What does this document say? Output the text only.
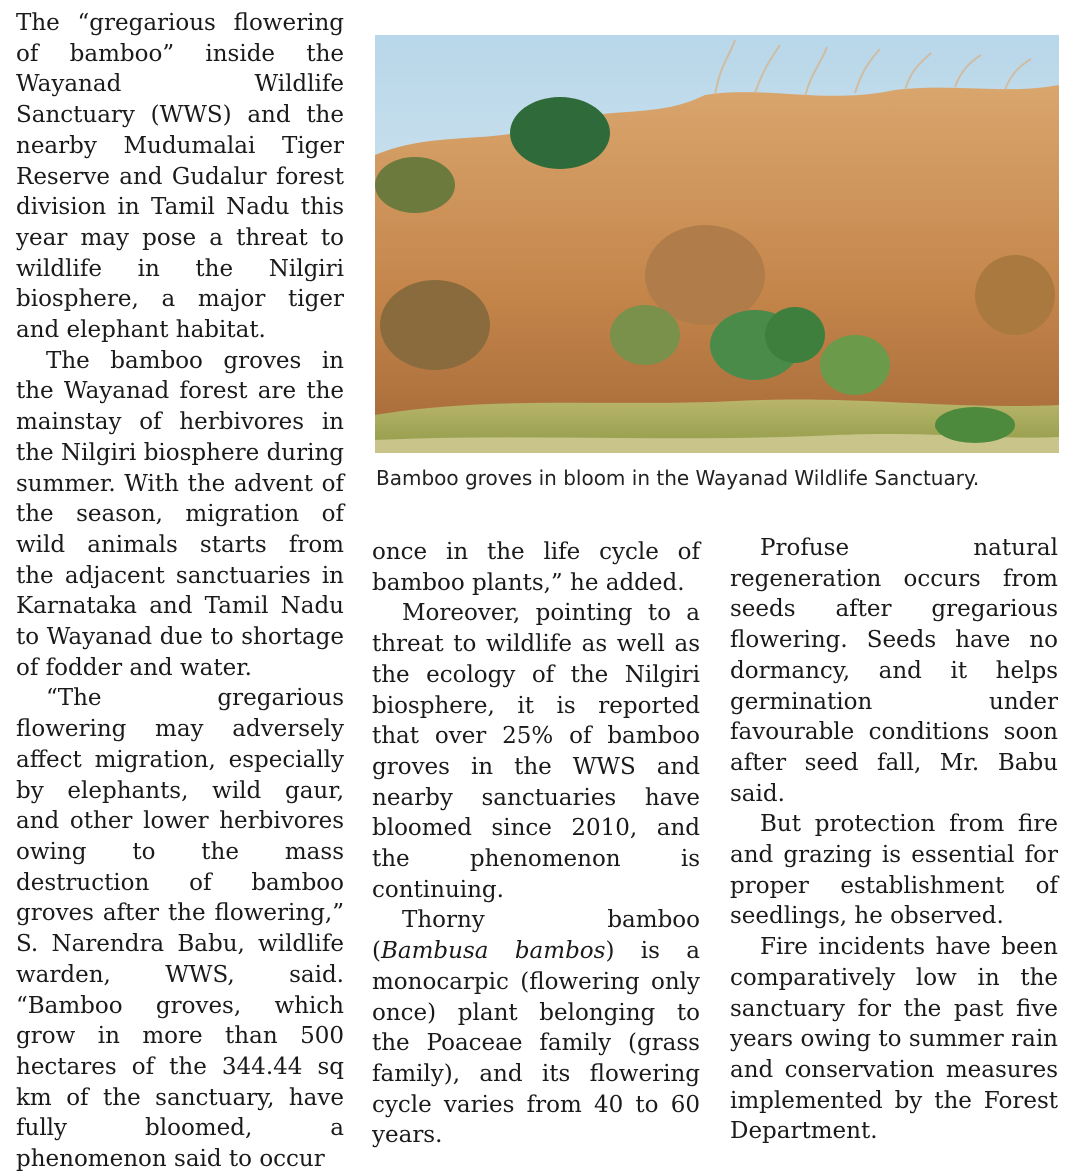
The “gregarious flowering of bamboo” inside the Wayanad Wildlife Sanctuary (WWS) and the nearby Mudumalai Tiger Reserve and Gudalur forest division in Tamil Nadu this year may pose a threat to wildlife in the Nilgiri biosphere, a major tiger and elephant habitat.

The bamboo groves in the Wayanad forest are the mainstay of herbivores in the Nilgiri biosphere during summer. With the advent of the season, migration of wild animals starts from the adjacent sanctuaries in Karnataka and Tamil Nadu to Wayanad due to shortage of fodder and water.

“The gregarious flowering may adversely affect migration, especially by elephants, wild gaur, and other lower herbivores owing to the mass destruction of bamboo groves after the flowering,” S. Narendra Babu, wildlife warden, WWS, said. “Bamboo groves, which grow in more than 500 hectares of the 344.44 sq km of the sanctuary, have fully bloomed, a phenomenon said to occur

Bamboo groves in bloom in the Wayanad Wildlife Sanctuary.

once in the life cycle of bamboo plants,” he added.

Moreover, pointing to a threat to wildlife as well as the ecology of the Nilgiri biosphere, it is reported that over 25% of bamboo groves in the WWS and nearby sanctuaries have bloomed since 2010, and the phenomenon is continuing.

Thorny bamboo (Bambusa bambos) is a monocarpic (flowering only once) plant belonging to the Poaceae family (grass family), and its flowering cycle varies from 40 to 60 years.

Profuse natural regeneration occurs from seeds after gregarious flowering. Seeds have no dormancy, and it helps germination under favourable conditions soon after seed fall, Mr. Babu said.

But protection from fire and grazing is essential for proper establishment of seedlings, he observed.

Fire incidents have been comparatively low in the sanctuary for the past five years owing to summer rain and conservation measures implemented by the Forest Department.
